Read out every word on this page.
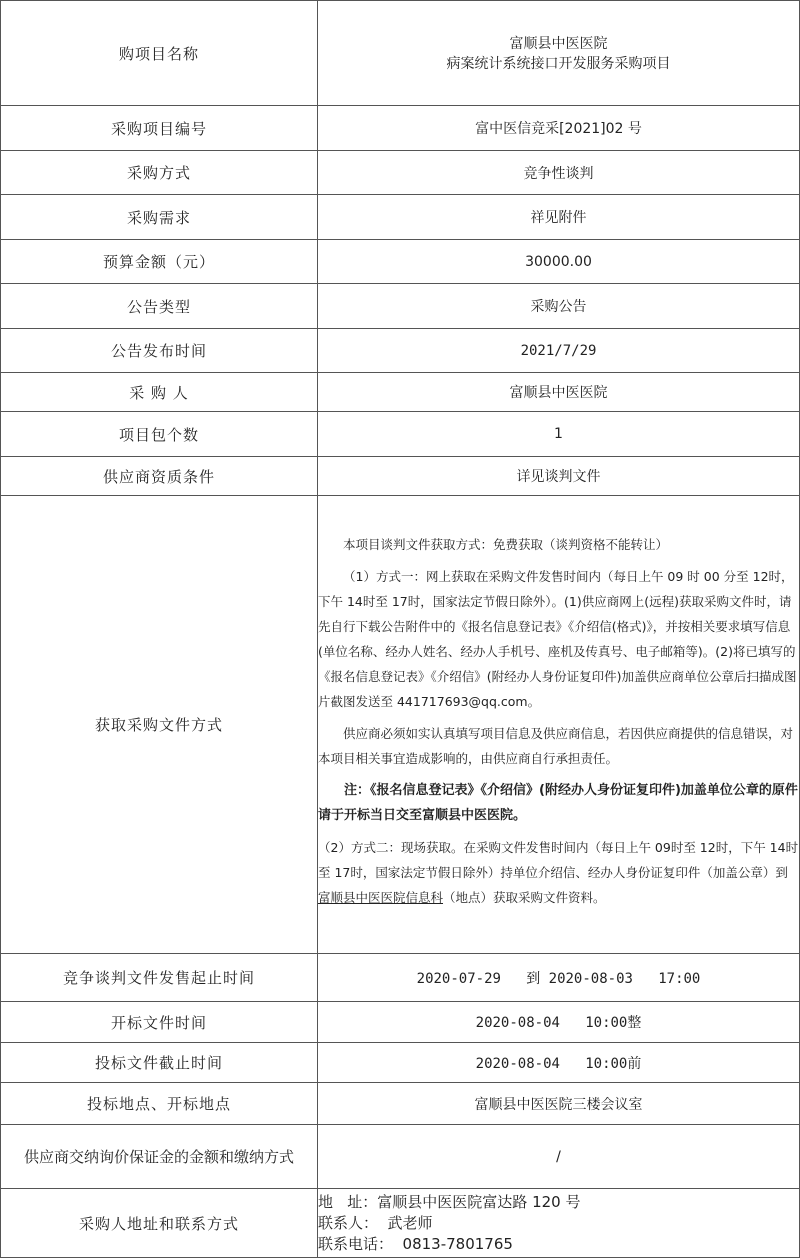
购项目名称	富顺县中医医院
病案统计系统接口开发服务采购项目

采购项目编号	富中医信竞采[2021]02 号
采购方式	竞争性谈判
采购需求	祥见附件
预算金额（元）	30000.00
公告类型	采购公告
公告发布时间	2021/7/29
采 购 人	富顺县中医医院
项目包个数	1
供应商资质条件	详见谈判文件
获取采购文件方式	本项目谈判文件获取方式：免费获取（谈判资格不能转让）

（1）方式一：网上获取在采购文件发售时间内（每日上午 09 时 00 分至 12时，下午 14时至 17时，国家法定节假日除外）。(1)供应商网上(远程)获取采购文件时，请先自行下载公告附件中的《报名信息登记表》《介绍信(格式)》，并按相关要求填写信息(单位名称、经办人姓名、经办人手机号、座机及传真号、电子邮箱等)。(2)将已填写的《报名信息登记表》《介绍信》(附经办人身份证复印件)加盖供应商单位公章后扫描成图片截图发送至 441717693@qq.com。

供应商必须如实认真填写项目信息及供应商信息，若因供应商提供的信息错误，对本项目相关事宜造成影响的，由供应商自行承担责任。

注：《报名信息登记表》《介绍信》(附经办人身份证复印件)加盖单位公章的原件请于开标当日交至富顺县中医医院。

（2）方式二：现场获取。在采购文件发售时间内（每日上午 09时至 12时，下午 14时至 17时，国家法定节假日除外）持单位介绍信、经办人身份证复印件（加盖公章）到富顺县中医医院信息科（地点）获取采购文件资料。

竞争谈判文件发售起止时间	2020-07-29   到 2020-08-03   17:00
开标文件时间	2020-08-04   10:00整
投标文件截止时间	2020-08-04   10:00前
投标地点、开标地点	富顺县中医医院三楼会议室
供应商交纳询价保证金的金额和缴纳方式	/
采购人地址和联系方式	地   址：富顺县中医医院富达路 120 号
联系人：  武老师
联系电话：  0813-7801765
